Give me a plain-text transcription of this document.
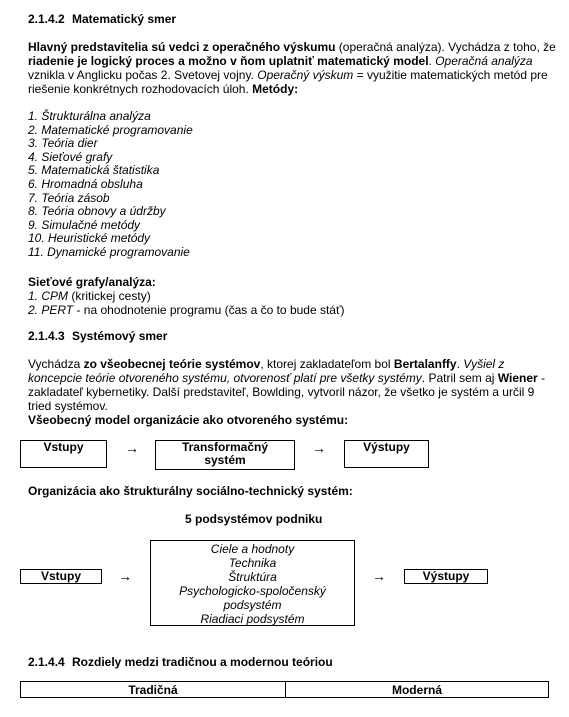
2.1.4.2 Matematický smer

Hlavný predstavitelia sú vedci z operačného výskumu (operačná analýza). Vychádza z toho, že riadenie je logický proces a možno v ňom uplatniť matematický model. Operačná analýza vznikla v Anglicku počas 2. Svetovej vojny. Operačný výskum = využitie matematických metód pre riešenie konkrétnych rozhodovacích úloh. Metódy:

1. Štrukturálna analýza
2. Matematické programovanie
3. Teória dier
4. Sieťové grafy
5. Matematická štatistika
6. Hromadná obsluha
7. Teória zásob
8. Teória obnovy a údržby
9. Simulačné metódy
10. Heuristické metódy
11. Dynamické programovanie
Sieťové grafy/analýza:
1. CPM (kritickej cesty)
2. PERT - na ohodnotenie programu (čas a čo to bude stáť)
2.1.4.3 Systémový smer

Vychádza zo všeobecnej teórie systémov, ktorej zakladateľom bol Bertalanffy. Vyšiel z koncepcie teórie otvoreného systému, otvorenosť platí pre všetky systémy. Patril sem aj Wiener - zakladateľ kybernetiky. Další predstaviteľ, Bowlding, vytvoril názor, že všetko je systém a určil 9 tried systémov.

Všeobecný model organizácie ako otvoreného systému:
Vstupy	→	Transformačný
systém
→	Výstupy
Organizácia ako štrukturálny sociálno-technický systém:
5 podsystémov podniku
Vstupy	→
Ciele a hodnoty
Technika
Štruktúra
Psychologicko-spoločenský
podsystém
Riadiaci podsystém
→	Výstupy
2.1.4.4 Rozdiely medzi tradičnou a modernou teóriou
Tradičná	Moderná
